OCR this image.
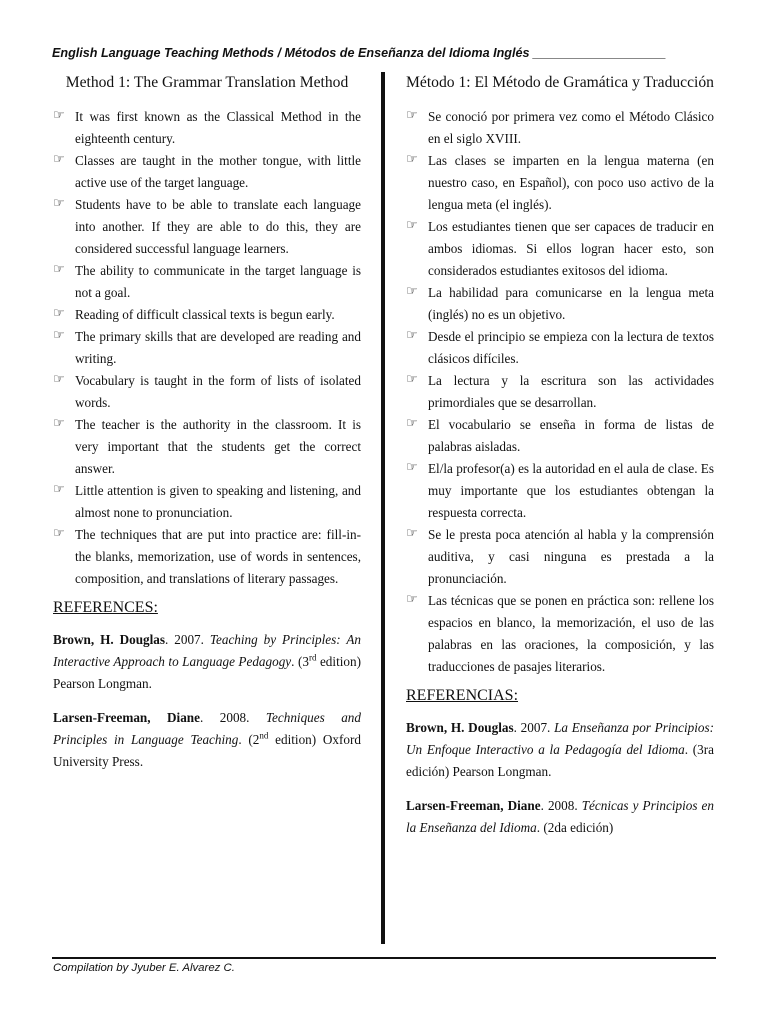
English Language Teaching Methods / Métodos de Enseñanza del Idioma Inglés ___________________
Method 1: The Grammar Translation Method
☞ It was first known as the Classical Method in the eighteenth century.
☞ Classes are taught in the mother tongue, with little active use of the target language.
☞ Students have to be able to translate each language into another. If they are able to do this, they are considered successful language learners.
☞ The ability to communicate in the target language is not a goal.
☞ Reading of difficult classical texts is begun early.
☞ The primary skills that are developed are reading and writing.
☞ Vocabulary is taught in the form of lists of isolated words.
☞ The teacher is the authority in the classroom. It is very important that the students get the correct answer.
☞ Little attention is given to speaking and listening, and almost none to pronunciation.
☞ The techniques that are put into practice are: fill-in-the blanks, memorization, use of words in sentences, composition, and translations of literary passages.
REFERENCES:

Brown, H. Douglas. 2007. Teaching by Principles: An Interactive Approach to Language Pedagogy. (3rd edition) Pearson Longman.

Larsen-Freeman, Diane. 2008. Techniques and Principles in Language Teaching. (2nd edition) Oxford University Press.

Método 1: El Método de Gramática y Traducción
☞ Se conoció por primera vez como el Método Clásico en el siglo XVIII.
☞ Las clases se imparten en la lengua materna (en nuestro caso, en Español), con poco uso activo de la lengua meta (el inglés).
☞ Los estudiantes tienen que ser capaces de traducir en ambos idiomas. Si ellos logran hacer esto, son considerados estudiantes exitosos del idioma.
☞ La habilidad para comunicarse en la lengua meta (inglés) no es un objetivo.
☞ Desde el principio se empieza con la lectura de textos clásicos difíciles.
☞ La lectura y la escritura son las actividades primordiales que se desarrollan.
☞ El vocabulario se enseña in forma de listas de palabras aisladas.
☞ El/la profesor(a) es la autoridad en el aula de clase. Es muy importante que los estudiantes obtengan la respuesta correcta.
☞ Se le presta poca atención al habla y la comprensión auditiva, y casi ninguna es prestada a la pronunciación.
☞ Las técnicas que se ponen en práctica son: rellene los espacios en blanco, la memorización, el uso de las palabras en las oraciones, la composición, y las traducciones de pasajes literarios.
REFERENCIAS:

Brown, H. Douglas. 2007. La Enseñanza por Principios: Un Enfoque Interactivo a la Pedagogía del Idioma. (3ra edición) Pearson Longman.

Larsen-Freeman, Diane. 2008. Técnicas y Principios en la Enseñanza del Idioma. (2da edición)

Compilation by Jyuber E. Alvarez C.
